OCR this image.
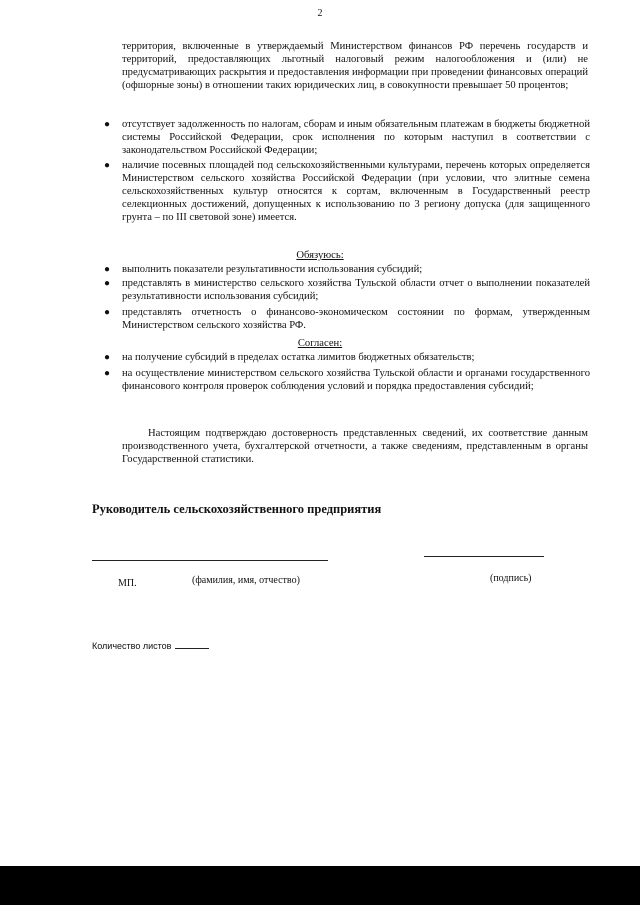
2
территория, включенные в утверждаемый Министерством финансов РФ перечень государств и территорий, предоставляющих льготный налоговый режим налогообложения и (или) не предусматривающих раскрытия и предоставления информации при проведении финансовых операций (офшорные зоны) в отношении таких юридических лиц, в совокупности превышает 50 процентов;
● отсутствует задолженность по налогам, сборам и иным обязательным платежам в бюджеты бюджетной системы Российской Федерации, срок исполнения по которым наступил в соответствии с законодательством Российской Федерации;
● наличие посевных площадей под сельскохозяйственными культурами, перечень которых определяется Министерством сельского хозяйства Российской Федерации (при условии, что элитные семена сельскохозяйственных культур относятся к сортам, включенным в Государственный реестр селекционных достижений, допущенных к использованию по 3 региону допуска (для защищенного грунта – по III световой зоне) имеется.
Обязуюсь:
● выполнить показатели результативности использования субсидий;
● представлять в министерство сельского хозяйства Тульской области отчет о выполнении показателей результативности использования субсидий;
● представлять отчетность о финансово-экономическом состоянии по формам, утвержденным Министерством сельского хозяйства РФ.
Согласен:
● на получение субсидий в пределах остатка лимитов бюджетных обязательств;
● на осуществление министерством сельского хозяйства Тульской области и органами государственного финансового контроля проверок соблюдения условий и порядка предоставления субсидий;
Настоящим подтверждаю достоверность представленных сведений, их соответствие данным производственного учета, бухгалтерской отчетности, а также сведениям, представленным в органы Государственной статистики.
Руководитель сельскохозяйственного предприятия
МП.	(фамилия, имя, отчество)	(подпись)
Количество листов
